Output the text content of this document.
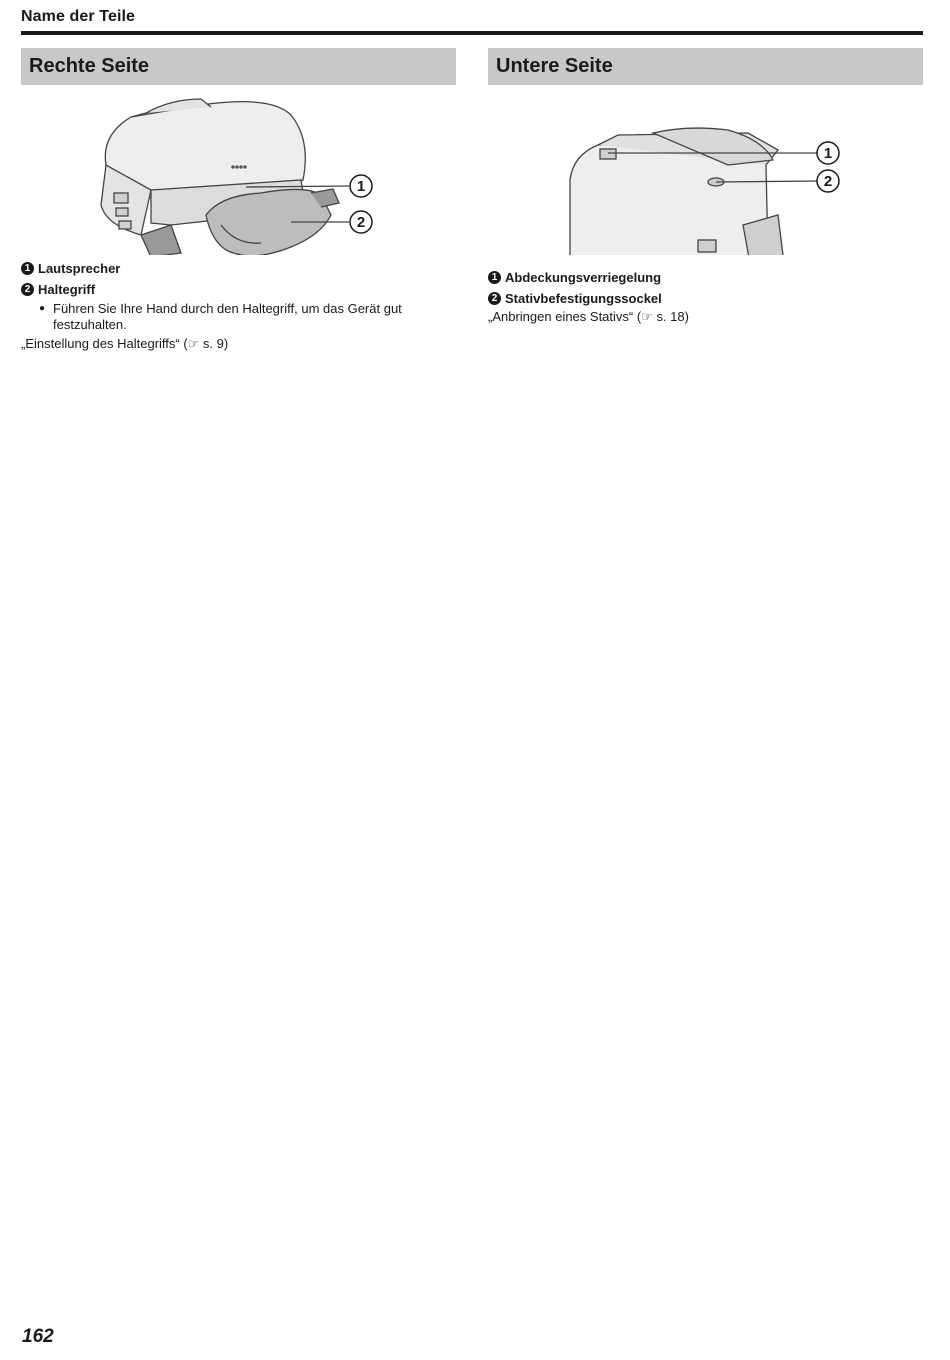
Name der Teile
Rechte Seite
1
2
1 Lautsprecher
2 Haltegriff
● Führen Sie Ihre Hand durch den Haltegriff, um das Gerät gut festzuhalten.
„Einstellung des Haltegriffs“ (☞ s. 9)
Untere Seite
1
2
1 Abdeckungsverriegelung
2 Stativbefestigungssockel
„Anbringen eines Stativs“ (☞ s. 18)
162
